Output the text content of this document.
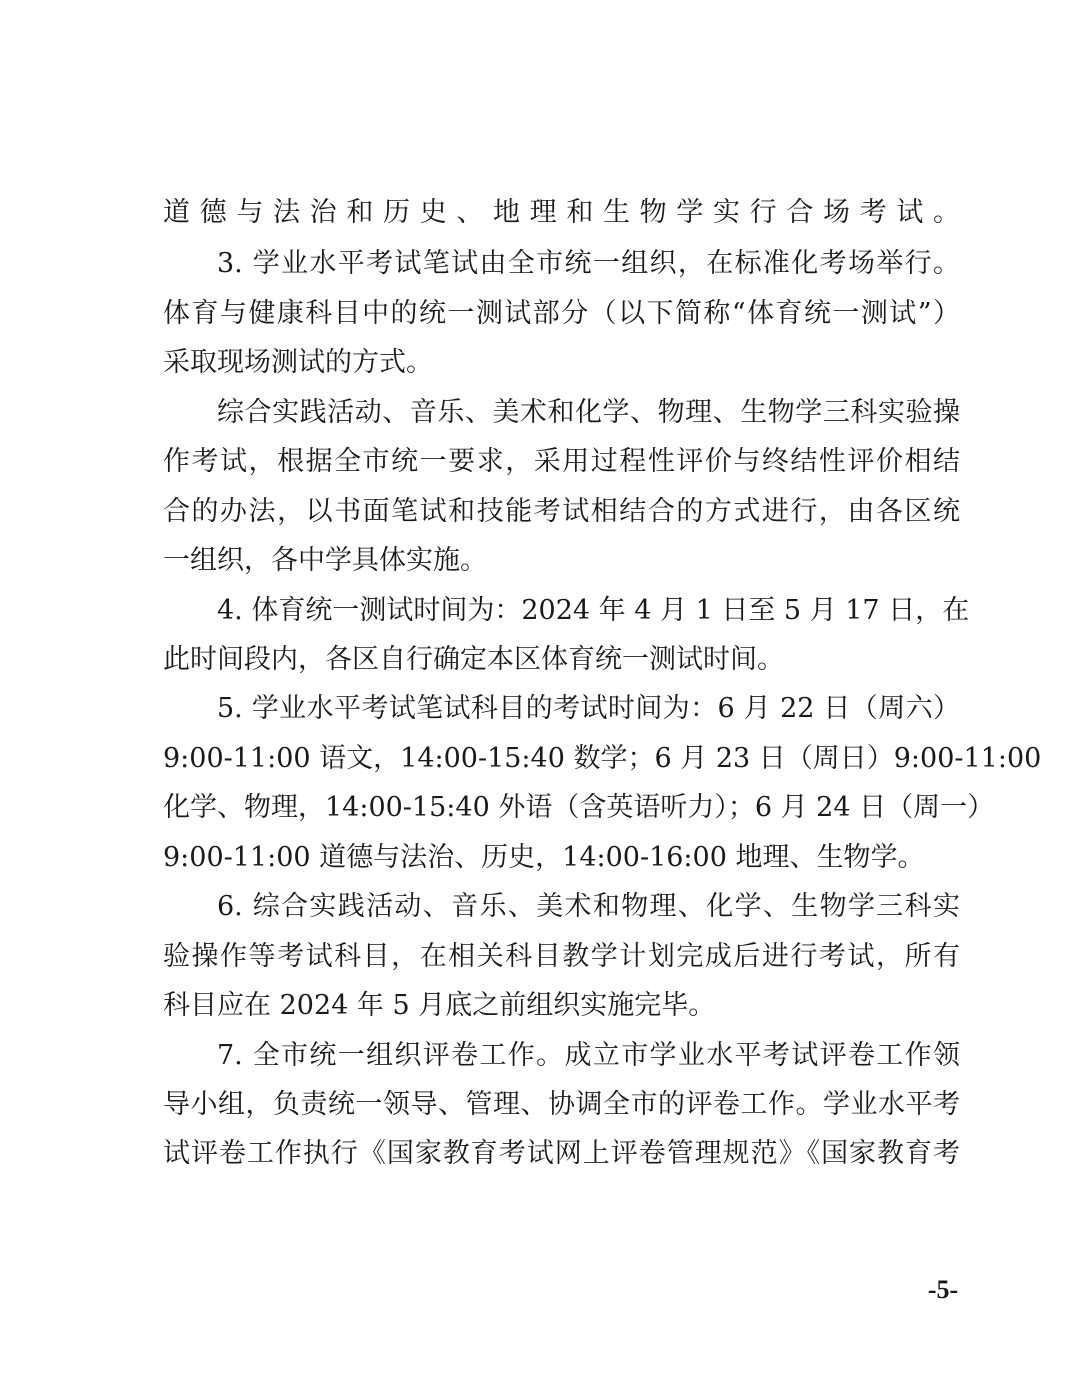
道德与法治和历史、地理和生物学实行合场考试。

3. 学业水平考试笔试由全市统一组织，在标准化考场举行。

体育与健康科目中的统一测试部分（以下简称“体育统一测试”）

采取现场测试的方式。

综合实践活动、音乐、美术和化学、物理、生物学三科实验操

作考试，根据全市统一要求，采用过程性评价与终结性评价相结

合的办法，以书面笔试和技能考试相结合的方式进行，由各区统

一组织，各中学具体实施。

4. 体育统一测试时间为：2024 年 4 月 1 日至 5 月 17 日，在

此时间段内，各区自行确定本区体育统一测试时间。

5. 学业水平考试笔试科目的考试时间为：6 月 22 日（周六）

9:00-11:00 语文，14:00-15:40 数学；6 月 23 日（周日）9:00-11:00

化学、物理，14:00-15:40 外语（含英语听力）；6 月 24 日（周一）

9:00-11:00 道德与法治、历史，14:00-16:00 地理、生物学。

6. 综合实践活动、音乐、美术和物理、化学、生物学三科实

验操作等考试科目，在相关科目教学计划完成后进行考试，所有

科目应在 2024 年 5 月底之前组织实施完毕。

7. 全市统一组织评卷工作。成立市学业水平考试评卷工作领

导小组，负责统一领导、管理、协调全市的评卷工作。学业水平考

试评卷工作执行《国家教育考试网上评卷管理规范》《国家教育考

-5-
